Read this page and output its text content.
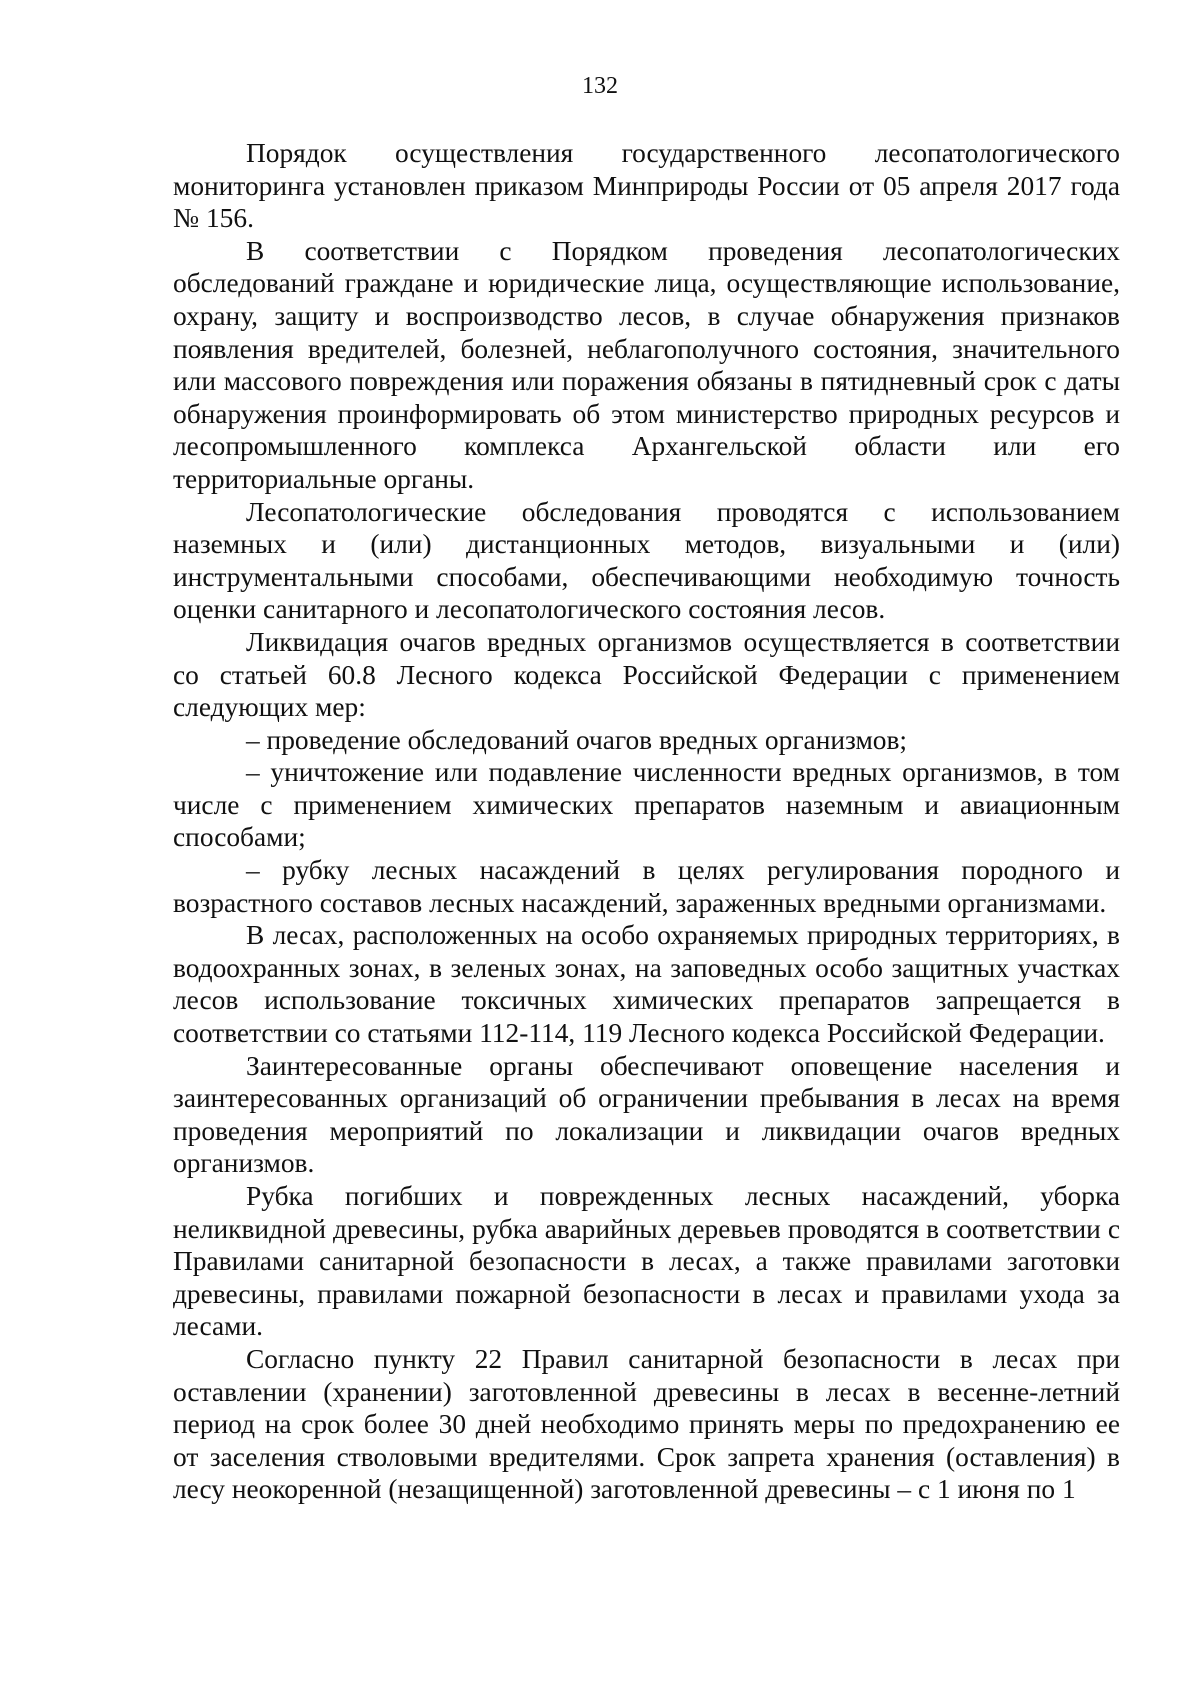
132

Порядок осуществления государственного лесопатологического мониторинга установлен приказом Минприроды России от 05 апреля 2017 года № 156.

В соответствии с Порядком проведения лесопатологических обследований граждане и юридические лица, осуществляющие использование, охрану, защиту и воспроизводство лесов, в случае обнаружения признаков появления вредителей, болезней, неблагополучного состояния, значительного или массового повреждения или поражения обязаны в пятидневный срок с даты обнаружения проинформировать об этом министерство природных ресурсов и лесопромышленного комплекса Архангельской области или его территориальные органы.

Лесопатологические обследования проводятся с использованием наземных и (или) дистанционных методов, визуальными и (или) инструментальными способами, обеспечивающими необходимую точность оценки санитарного и лесопатологического состояния лесов.

Ликвидация очагов вредных организмов осуществляется в соответствии со статьей 60.8 Лесного кодекса Российской Федерации с применением следующих мер:

– проведение обследований очагов вредных организмов;

– уничтожение или подавление численности вредных организмов, в том числе с применением химических препаратов наземным и авиационным способами;

– рубку лесных насаждений в целях регулирования породного и возрастного составов лесных насаждений, зараженных вредными организмами.

В лесах, расположенных на особо охраняемых природных территориях, в водоохранных зонах, в зеленых зонах, на заповедных особо защитных участках лесов использование токсичных химических препаратов запрещается в соответствии со статьями 112-114, 119 Лесного кодекса Российской Федерации.

Заинтересованные органы обеспечивают оповещение населения и заинтересованных организаций об ограничении пребывания в лесах на время проведения мероприятий по локализации и ликвидации очагов вредных организмов.

Рубка погибших и поврежденных лесных насаждений, уборка неликвидной древесины, рубка аварийных деревьев проводятся в соответствии с Правилами санитарной безопасности в лесах, а также правилами заготовки древесины, правилами пожарной безопасности в лесах и правилами ухода за лесами.

Согласно пункту 22 Правил санитарной безопасности в лесах при оставлении (хранении) заготовленной древесины в лесах в весенне-летний период на срок более 30 дней необходимо принять меры по предохранению ее от заселения стволовыми вредителями. Срок запрета хранения (оставления) в лесу неокоренной (незащищенной) заготовленной древесины – с 1 июня по 1
